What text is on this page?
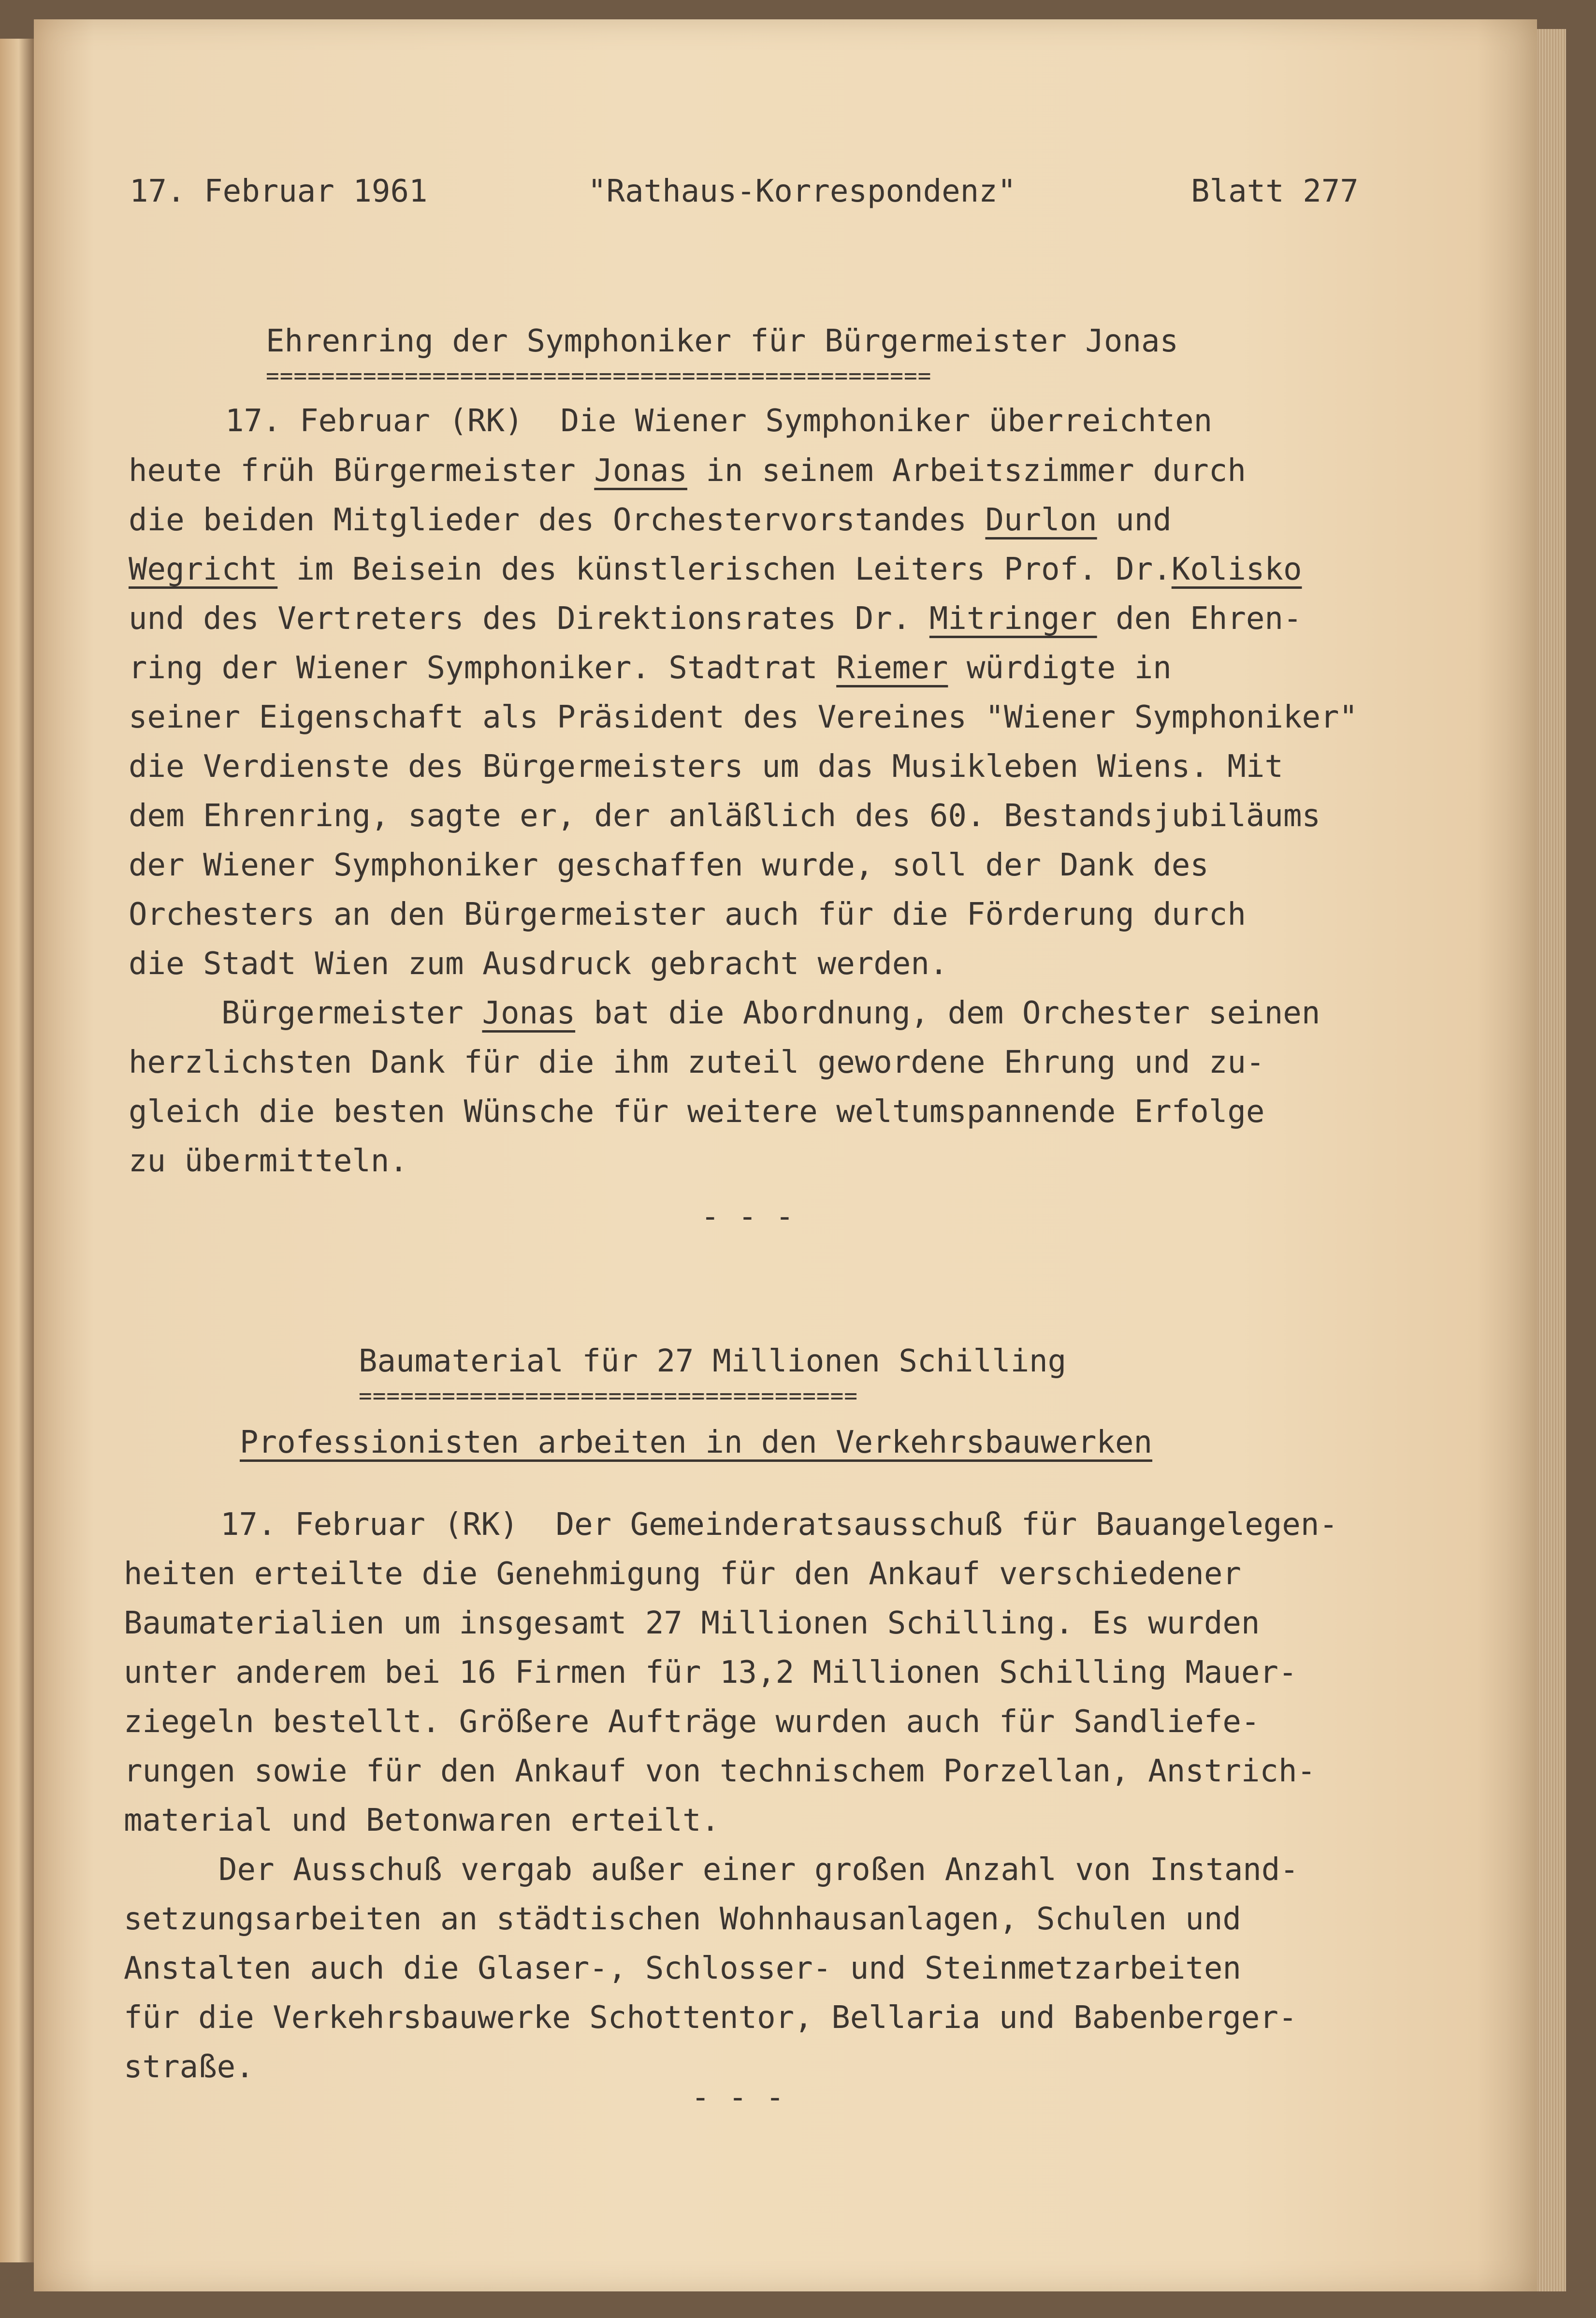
17. Februar 1961	"Rathaus-Korrespondenz"	Blatt 277
Ehrenring der Symphoniker für Bürgermeister Jonas
================================================
17. Februar (RK)  Die Wiener Symphoniker überreichten
heute früh Bürgermeister Jonas in seinem Arbeitszimmer durch
die beiden Mitglieder des Orchestervorstandes Durlon und
Wegricht im Beisein des künstlerischen Leiters Prof. Dr.Kolisko
und des Vertreters des Direktionsrates Dr. Mitringer den Ehren-
ring der Wiener Symphoniker. Stadtrat Riemer würdigte in
seiner Eigenschaft als Präsident des Vereines "Wiener Symphoniker"
die Verdienste des Bürgermeisters um das Musikleben Wiens. Mit
dem Ehrenring, sagte er, der anläßlich des 60. Bestandsjubiläums
der Wiener Symphoniker geschaffen wurde, soll der Dank des
Orchesters an den Bürgermeister auch für die Förderung durch
die Stadt Wien zum Ausdruck gebracht werden.
Bürgermeister Jonas bat die Abordnung, dem Orchester seinen
herzlichsten Dank für die ihm zuteil gewordene Ehrung und zu-
gleich die besten Wünsche für weitere weltumspannende Erfolge
zu übermitteln.
- - -
Baumaterial für 27 Millionen Schilling
====================================
Professionisten arbeiten in den Verkehrsbauwerken
17. Februar (RK)  Der Gemeinderatsausschuß für Bauangelegen-
heiten erteilte die Genehmigung für den Ankauf verschiedener
Baumaterialien um insgesamt 27 Millionen Schilling. Es wurden
unter anderem bei 16 Firmen für 13,2 Millionen Schilling Mauer-
ziegeln bestellt. Größere Aufträge wurden auch für Sandliefe-
rungen sowie für den Ankauf von technischem Porzellan, Anstrich-
material und Betonwaren erteilt.
Der Ausschuß vergab außer einer großen Anzahl von Instand-
setzungsarbeiten an städtischen Wohnhausanlagen, Schulen und
Anstalten auch die Glaser-, Schlosser- und Steinmetzarbeiten
für die Verkehrsbauwerke Schottentor, Bellaria und Babenberger-
straße.
- - -
